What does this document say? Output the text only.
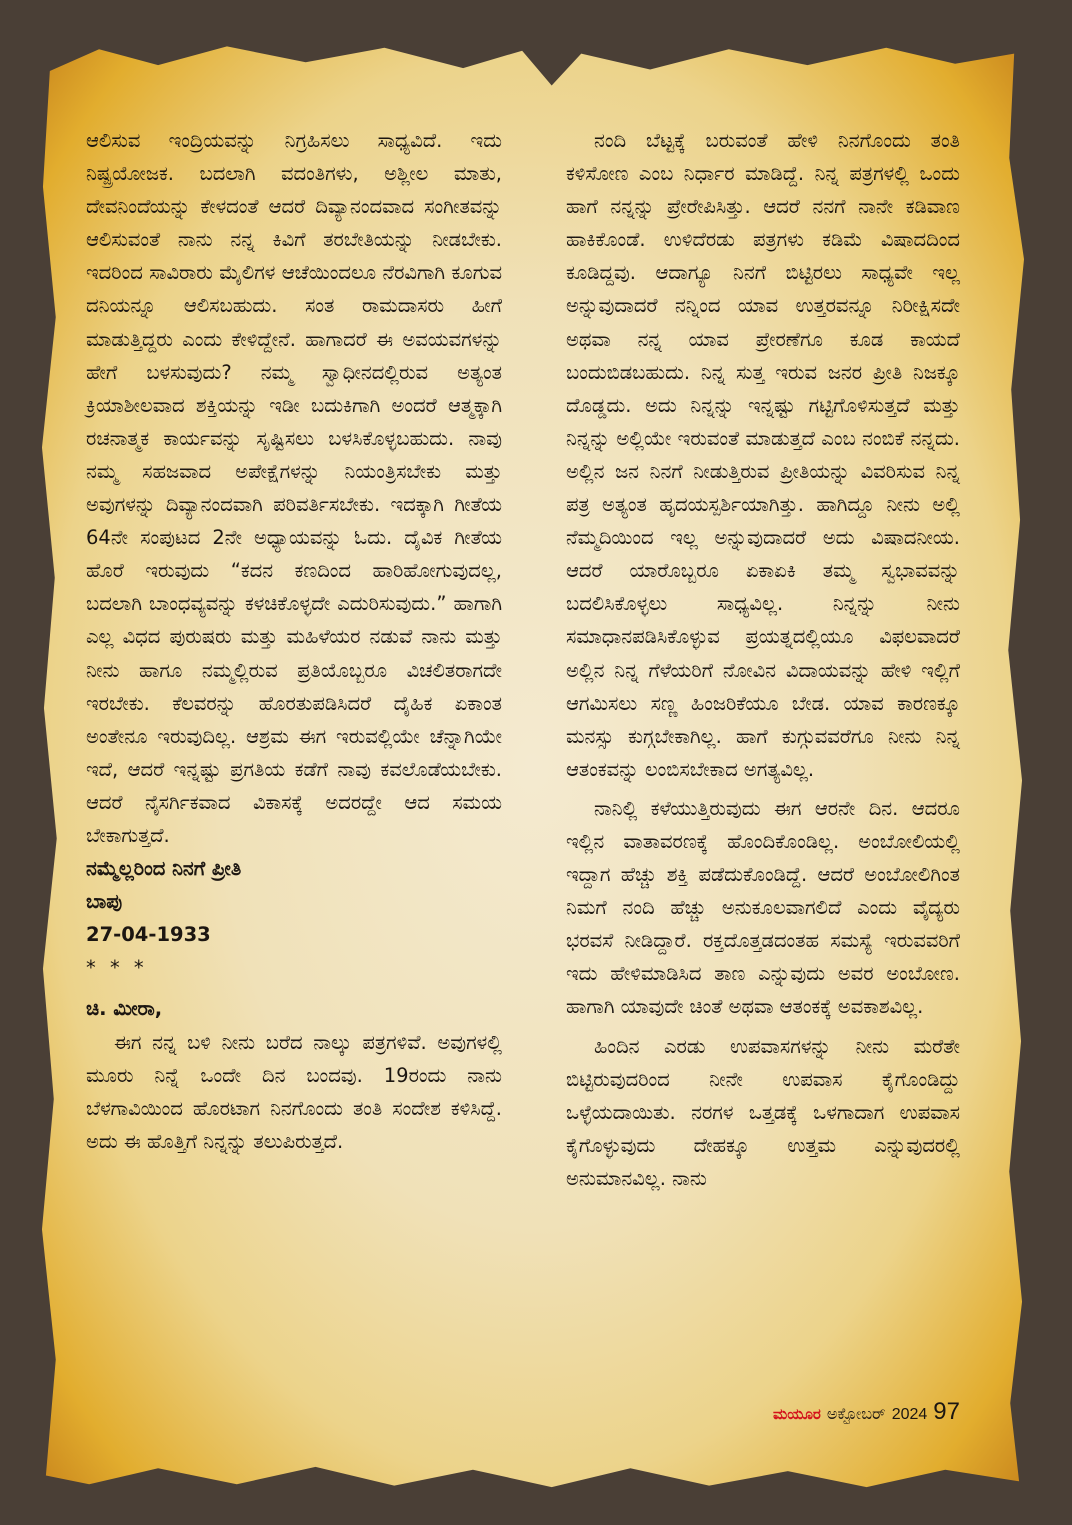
ಆಲಿಸುವ ಇಂದ್ರಿಯವನ್ನು ನಿಗ್ರಹಿಸಲು ಸಾಧ್ಯವಿದೆ. ಇದು ನಿಷ್ಪ್ರಯೋಜಕ. ಬದಲಾಗಿ ವದಂತಿಗಳು, ಅಶ್ಲೀಲ ಮಾತು, ದೇವನಿಂದೆಯನ್ನು ಕೇಳದಂತೆ ಆದರೆ ದಿವ್ಯಾನಂದವಾದ ಸಂಗೀತವನ್ನು ಆಲಿಸುವಂತೆ ನಾನು ನನ್ನ ಕಿವಿಗೆ ತರಬೇತಿಯನ್ನು ನೀಡಬೇಕು. ಇದರಿಂದ ಸಾವಿರಾರು ಮೈಲಿಗಳ ಆಚೆಯಿಂದಲೂ ನೆರವಿಗಾಗಿ ಕೂಗುವ ದನಿಯನ್ನೂ ಆಲಿಸಬಹುದು. ಸಂತ ರಾಮದಾಸರು ಹೀಗೆ ಮಾಡುತ್ತಿದ್ದರು ಎಂದು ಕೇಳಿದ್ದೇನೆ. ಹಾಗಾದರೆ ಈ ಅವಯವಗಳನ್ನು ಹೇಗೆ ಬಳಸುವುದು? ನಮ್ಮ ಸ್ವಾಧೀನದಲ್ಲಿರುವ ಅತ್ಯಂತ ಕ್ರಿಯಾಶೀಲವಾದ ಶಕ್ತಿಯನ್ನು ಇಡೀ ಬದುಕಿಗಾಗಿ ಅಂದರೆ ಆತ್ಮಕ್ಕಾಗಿ ರಚನಾತ್ಮಕ ಕಾರ್ಯವನ್ನು ಸೃಷ್ಟಿಸಲು ಬಳಸಿಕೊಳ್ಳಬಹುದು. ನಾವು ನಮ್ಮ ಸಹಜವಾದ ಅಪೇಕ್ಷೆಗಳನ್ನು ನಿಯಂತ್ರಿಸಬೇಕು ಮತ್ತು ಅವುಗಳನ್ನು ದಿವ್ಯಾನಂದವಾಗಿ ಪರಿವರ್ತಿಸಬೇಕು. ಇದಕ್ಕಾಗಿ ಗೀತೆಯ 64ನೇ ಸಂಪುಟದ 2ನೇ ಅಧ್ಯಾಯವನ್ನು ಓದು. ದೈವಿಕ ಗೀತೆಯ ಹೊರೆ ಇರುವುದು “ಕದನ ಕಣದಿಂದ ಹಾರಿಹೋಗುವುದಲ್ಲ, ಬದಲಾಗಿ ಬಾಂಧವ್ಯವನ್ನು ಕಳಚಿಕೊಳ್ಳದೇ ಎದುರಿಸುವುದು.” ಹಾಗಾಗಿ ಎಲ್ಲ ವಿಧದ ಪುರುಷರು ಮತ್ತು ಮಹಿಳೆಯರ ನಡುವೆ ನಾನು ಮತ್ತು ನೀನು ಹಾಗೂ ನಮ್ಮಲ್ಲಿರುವ ಪ್ರತಿಯೊಬ್ಬರೂ ವಿಚಲಿತರಾಗದೇ ಇರಬೇಕು. ಕೆಲವರನ್ನು ಹೊರತುಪಡಿಸಿದರೆ ದೈಹಿಕ ಏಕಾಂತ ಅಂತೇನೂ ಇರುವುದಿಲ್ಲ. ಆಶ್ರಮ ಈಗ ಇರುವಲ್ಲಿಯೇ ಚೆನ್ನಾಗಿಯೇ ಇದೆ, ಆದರೆ ಇನ್ನಷ್ಟು ಪ್ರಗತಿಯ ಕಡೆಗೆ ನಾವು ಕವಲೊಡೆಯಬೇಕು. ಆದರೆ ನೈಸರ್ಗಿಕವಾದ ವಿಕಾಸಕ್ಕೆ ಅದರದ್ದೇ ಆದ ಸಮಯ ಬೇಕಾಗುತ್ತದೆ.

ನಮ್ಮೆಲ್ಲರಿಂದ ನಿನಗೆ ಪ್ರೀತಿ

ಬಾಪು

27-04-1933

* * *

ಚಿ. ಮೀರಾ,

ಈಗ ನನ್ನ ಬಳಿ ನೀನು ಬರೆದ ನಾಲ್ಕು ಪತ್ರಗಳಿವೆ. ಅವುಗಳಲ್ಲಿ ಮೂರು ನಿನ್ನೆ ಒಂದೇ ದಿನ ಬಂದವು. 19ರಂದು ನಾನು ಬೆಳಗಾವಿಯಿಂದ ಹೊರಟಾಗ ನಿನಗೊಂದು ತಂತಿ ಸಂದೇಶ ಕಳಿಸಿದ್ದೆ. ಅದು ಈ ಹೊತ್ತಿಗೆ ನಿನ್ನನ್ನು ತಲುಪಿರುತ್ತದೆ.

ನಂದಿ ಬೆಟ್ಟಕ್ಕೆ ಬರುವಂತೆ ಹೇಳಿ ನಿನಗೊಂದು ತಂತಿ ಕಳಿಸೋಣ ಎಂಬ ನಿರ್ಧಾರ ಮಾಡಿದ್ದೆ. ನಿನ್ನ ಪತ್ರಗಳಲ್ಲಿ ಒಂದು ಹಾಗೆ ನನ್ನನ್ನು ಪ್ರೇರೇಪಿಸಿತ್ತು. ಆದರೆ ನನಗೆ ನಾನೇ ಕಡಿವಾಣ ಹಾಕಿಕೊಂಡೆ. ಉಳಿದೆರಡು ಪತ್ರಗಳು ಕಡಿಮೆ ವಿಷಾದದಿಂದ ಕೂಡಿದ್ದವು. ಆದಾಗ್ಯೂ ನಿನಗೆ ಬಿಟ್ಟಿರಲು ಸಾಧ್ಯವೇ ಇಲ್ಲ ಅನ್ನುವುದಾದರೆ ನನ್ನಿಂದ ಯಾವ ಉತ್ತರವನ್ನೂ ನಿರೀಕ್ಷಿಸದೇ ಅಥವಾ ನನ್ನ ಯಾವ ಪ್ರೇರಣೆಗೂ ಕೂಡ ಕಾಯದೆ ಬಂದುಬಿಡಬಹುದು. ನಿನ್ನ ಸುತ್ತ ಇರುವ ಜನರ ಪ್ರೀತಿ ನಿಜಕ್ಕೂ ದೊಡ್ಡದು. ಅದು ನಿನ್ನನ್ನು ಇನ್ನಷ್ಟು ಗಟ್ಟಿಗೊಳಿಸುತ್ತದೆ ಮತ್ತು ನಿನ್ನನ್ನು ಅಲ್ಲಿಯೇ ಇರುವಂತೆ ಮಾಡುತ್ತದೆ ಎಂಬ ನಂಬಿಕೆ ನನ್ನದು. ಅಲ್ಲಿನ ಜನ ನಿನಗೆ ನೀಡುತ್ತಿರುವ ಪ್ರೀತಿಯನ್ನು ವಿವರಿಸುವ ನಿನ್ನ ಪತ್ರ ಅತ್ಯಂತ ಹೃದಯಸ್ಪರ್ಶಿಯಾಗಿತ್ತು. ಹಾಗಿದ್ದೂ ನೀನು ಅಲ್ಲಿ ನೆಮ್ಮದಿಯಿಂದ ಇಲ್ಲ ಅನ್ನುವುದಾದರೆ ಅದು ವಿಷಾದನೀಯ. ಆದರೆ ಯಾರೊಬ್ಬರೂ ಏಕಾಏಕಿ ತಮ್ಮ ಸ್ವಭಾವವನ್ನು ಬದಲಿಸಿಕೊಳ್ಳಲು ಸಾಧ್ಯವಿಲ್ಲ. ನಿನ್ನನ್ನು ನೀನು ಸಮಾಧಾನಪಡಿಸಿಕೊಳ್ಳುವ ಪ್ರಯತ್ನದಲ್ಲಿಯೂ ವಿಫಲವಾದರೆ ಅಲ್ಲಿನ ನಿನ್ನ ಗೆಳೆಯರಿಗೆ ನೋವಿನ ವಿದಾಯವನ್ನು ಹೇಳಿ ಇಲ್ಲಿಗೆ ಆಗಮಿಸಲು ಸಣ್ಣ ಹಿಂಜರಿಕೆಯೂ ಬೇಡ. ಯಾವ ಕಾರಣಕ್ಕೂ ಮನಸ್ಸು ಕುಗ್ಗಬೇಕಾಗಿಲ್ಲ. ಹಾಗೆ ಕುಗ್ಗುವವರೆಗೂ ನೀನು ನಿನ್ನ ಆತಂಕವನ್ನು ಲಂಬಿಸಬೇಕಾದ ಅಗತ್ಯವಿಲ್ಲ.

ನಾನಿಲ್ಲಿ ಕಳೆಯುತ್ತಿರುವುದು ಈಗ ಆರನೇ ದಿನ. ಆದರೂ ಇಲ್ಲಿನ ವಾತಾವರಣಕ್ಕೆ ಹೊಂದಿಕೊಂಡಿಲ್ಲ. ಅಂಬೋಲಿಯಲ್ಲಿ ಇದ್ದಾಗ ಹೆಚ್ಚು ಶಕ್ತಿ ಪಡೆದುಕೊಂಡಿದ್ದೆ. ಆದರೆ ಅಂಬೋಲಿಗಿಂತ ನಿಮಗೆ ನಂದಿ ಹೆಚ್ಚು ಅನುಕೂಲವಾಗಲಿದೆ ಎಂದು ವೈದ್ಯರು ಭರವಸೆ ನೀಡಿದ್ದಾರೆ. ರಕ್ತದೊತ್ತಡದಂತಹ ಸಮಸ್ಯೆ ಇರುವವರಿಗೆ ಇದು ಹೇಳಿಮಾಡಿಸಿದ ತಾಣ ಎನ್ನುವುದು ಅವರ ಅಂಬೋಣ. ಹಾಗಾಗಿ ಯಾವುದೇ ಚಿಂತೆ ಅಥವಾ ಆತಂಕಕ್ಕೆ ಅವಕಾಶವಿಲ್ಲ.

ಹಿಂದಿನ ಎರಡು ಉಪವಾಸಗಳನ್ನು ನೀನು ಮರೆತೇ ಬಿಟ್ಟಿರುವುದರಿಂದ ನೀನೇ ಉಪವಾಸ ಕೈಗೊಂಡಿದ್ದು ಒಳ್ಳೆಯದಾಯಿತು. ನರಗಳ ಒತ್ತಡಕ್ಕೆ ಒಳಗಾದಾಗ ಉಪವಾಸ ಕೈಗೊಳ್ಳುವುದು ದೇಹಕ್ಕೂ ಉತ್ತಮ ಎನ್ನುವುದರಲ್ಲಿ ಅನುಮಾನವಿಲ್ಲ. ನಾನು

ಮಯೂರ ಅಕ್ಟೋಬರ್ 2024 97
